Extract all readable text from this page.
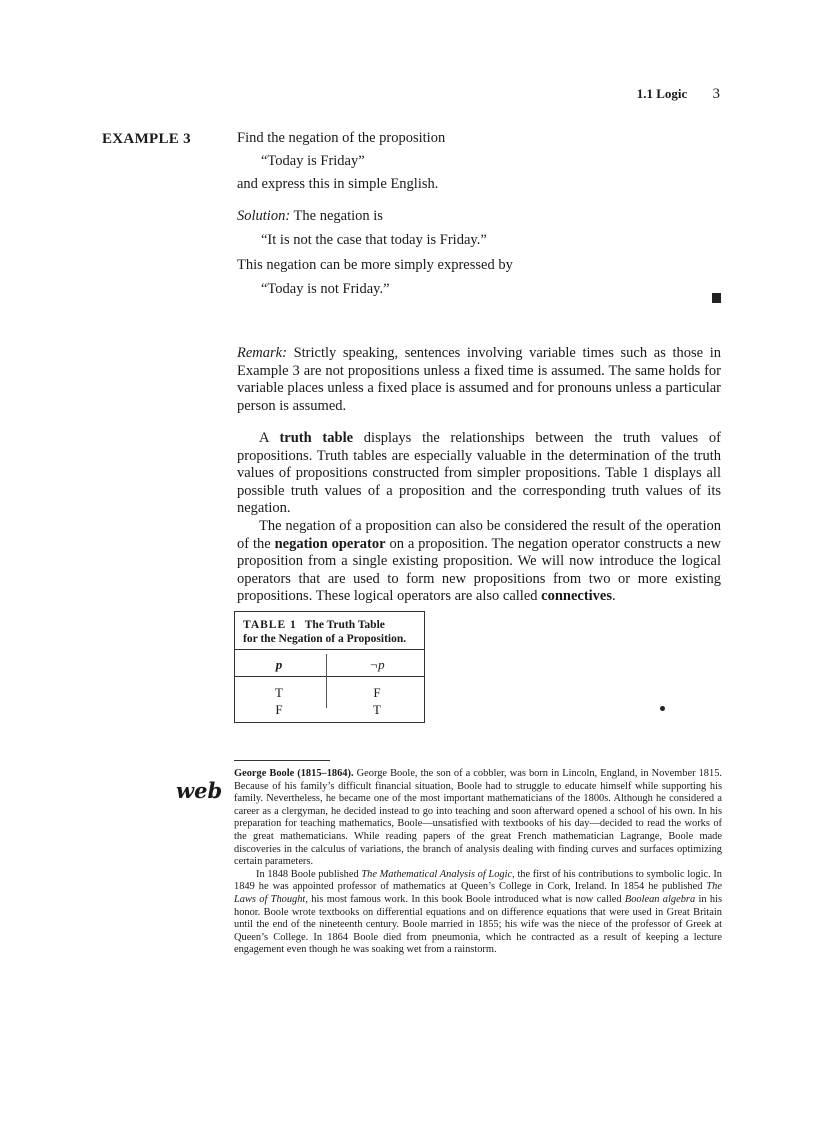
1.1 Logic 3
EXAMPLE 3	Find the negation of the proposition

“Today is Friday”

and express this in simple English.

Solution: The negation is

“It is not the case that today is Friday.”

This negation can be more simply expressed by

“Today is not Friday.”

Remark: Strictly speaking, sentences involving variable times such as those in Example 3 are not propositions unless a fixed time is assumed. The same holds for variable places unless a fixed place is assumed and for pronouns unless a particular person is assumed.

A truth table displays the relationships between the truth values of propositions. Truth tables are especially valuable in the determination of the truth values of propositions constructed from simpler propositions. Table 1 displays all possible truth values of a proposition and the corresponding truth values of its negation.

The negation of a proposition can also be considered the result of the operation of the negation operator on a proposition. The negation operator constructs a new proposition from a single existing proposition. We will now introduce the logical operators that are used to form new propositions from two or more existing propositions. These logical operators are also called connectives.

TABLE 1 The Truth Table
for the Negation of a Proposition.
p	¬p
T	F
F	T
web

George Boole (1815–1864). George Boole, the son of a cobbler, was born in Lincoln, England, in November 1815. Because of his family’s difficult financial situation, Boole had to struggle to educate himself while supporting his family. Nevertheless, he became one of the most important mathematicians of the 1800s. Although he considered a career as a clergyman, he decided instead to go into teaching and soon afterward opened a school of his own. In his preparation for teaching mathematics, Boole—unsatisfied with textbooks of his day—decided to read the works of the great mathematicians. While reading papers of the great French mathematician Lagrange, Boole made discoveries in the calculus of variations, the branch of analysis dealing with finding curves and surfaces optimizing certain parameters.

In 1848 Boole published The Mathematical Analysis of Logic, the first of his contributions to symbolic logic. In 1849 he was appointed professor of mathematics at Queen’s College in Cork, Ireland. In 1854 he published The Laws of Thought, his most famous work. In this book Boole introduced what is now called Boolean algebra in his honor. Boole wrote textbooks on differential equations and on difference equations that were used in Great Britain until the end of the nineteenth century. Boole married in 1855; his wife was the niece of the professor of Greek at Queen’s College. In 1864 Boole died from pneumonia, which he contracted as a result of keeping a lecture engagement even though he was soaking wet from a rainstorm.
